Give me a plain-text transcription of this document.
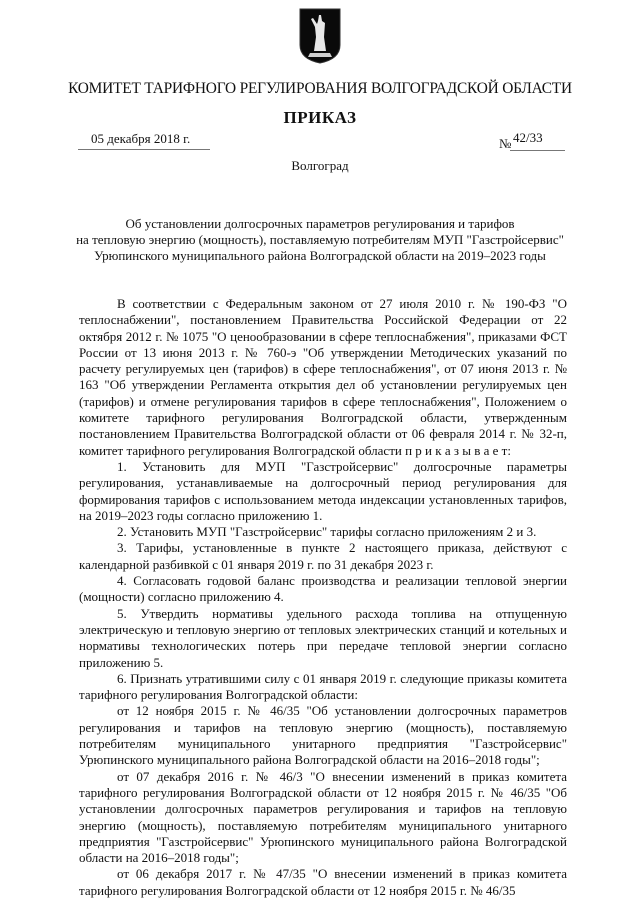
КОМИТЕТ ТАРИФНОГО РЕГУЛИРОВАНИЯ ВОЛГОГРАДСКОЙ ОБЛАСТИ
ПРИКАЗ
05 декабря 2018 г.	№ 42/33
Волгоград
Об установлении долгосрочных параметров регулирования и тарифов
на тепловую энергию (мощность), поставляемую потребителям МУП "Газстройсервис"
Урюпинского муниципального района Волгоградской области на 2019–2023 годы

В соответствии с Федеральным законом от 27 июля 2010 г. № 190-ФЗ "О теплоснабжении", постановлением Правительства Российской Федерации от 22 октября 2012 г. № 1075 "О ценообразовании в сфере теплоснабжения", приказами ФСТ России от 13 июня 2013 г. № 760-э "Об утверждении Методических указаний по расчету регулируемых цен (тарифов) в сфере теплоснабжения", от 07 июня 2013 г. № 163 "Об утверждении Регламента открытия дел об установлении регулируемых цен (тарифов) и отмене регулирования тарифов в сфере теплоснабжения", Положением о комитете тарифного регулирования Волгоградской области, утвержденным постановлением Правительства Волгоградской области от 06 февраля 2014 г. № 32-п, комитет тарифного регулирования Волгоградской области п р и к а з ы в а е т:

1. Установить для МУП "Газстройсервис" долгосрочные параметры регулирования, устанавливаемые на долгосрочный период регулирования для формирования тарифов с использованием метода индексации установленных тарифов, на 2019–2023 годы согласно приложению 1.

2. Установить МУП "Газстройсервис" тарифы согласно приложениям 2 и 3.

3. Тарифы, установленные в пункте 2 настоящего приказа, действуют с календарной разбивкой с 01 января 2019 г. по 31 декабря 2023 г.

4. Согласовать годовой баланс производства и реализации тепловой энергии (мощности) согласно приложению 4.

5. Утвердить нормативы удельного расхода топлива на отпущенную электрическую и тепловую энергию от тепловых электрических станций и котельных и нормативы технологических потерь при передаче тепловой энергии согласно приложению 5.

6. Признать утратившими силу с 01 января 2019 г. следующие приказы комитета тарифного регулирования Волгоградской области:

от 12 ноября 2015 г. № 46/35 "Об установлении долгосрочных параметров регулирования и тарифов на тепловую энергию (мощность), поставляемую потребителям муниципального унитарного предприятия "Газстройсервис" Урюпинского муниципального района Волгоградской области на 2016–2018 годы";

от 07 декабря 2016 г. № 46/3 "О внесении изменений в приказ комитета тарифного регулирования Волгоградской области от 12 ноября 2015 г. № 46/35 "Об установлении долгосрочных параметров регулирования и тарифов на тепловую энергию (мощность), поставляемую потребителям муниципального унитарного предприятия "Газстройсервис" Урюпинского муниципального района Волгоградской области на 2016–2018 годы";

от 06 декабря 2017 г. № 47/35 "О внесении изменений в приказ комитета тарифного регулирования Волгоградской области от 12 ноября 2015 г. № 46/35
